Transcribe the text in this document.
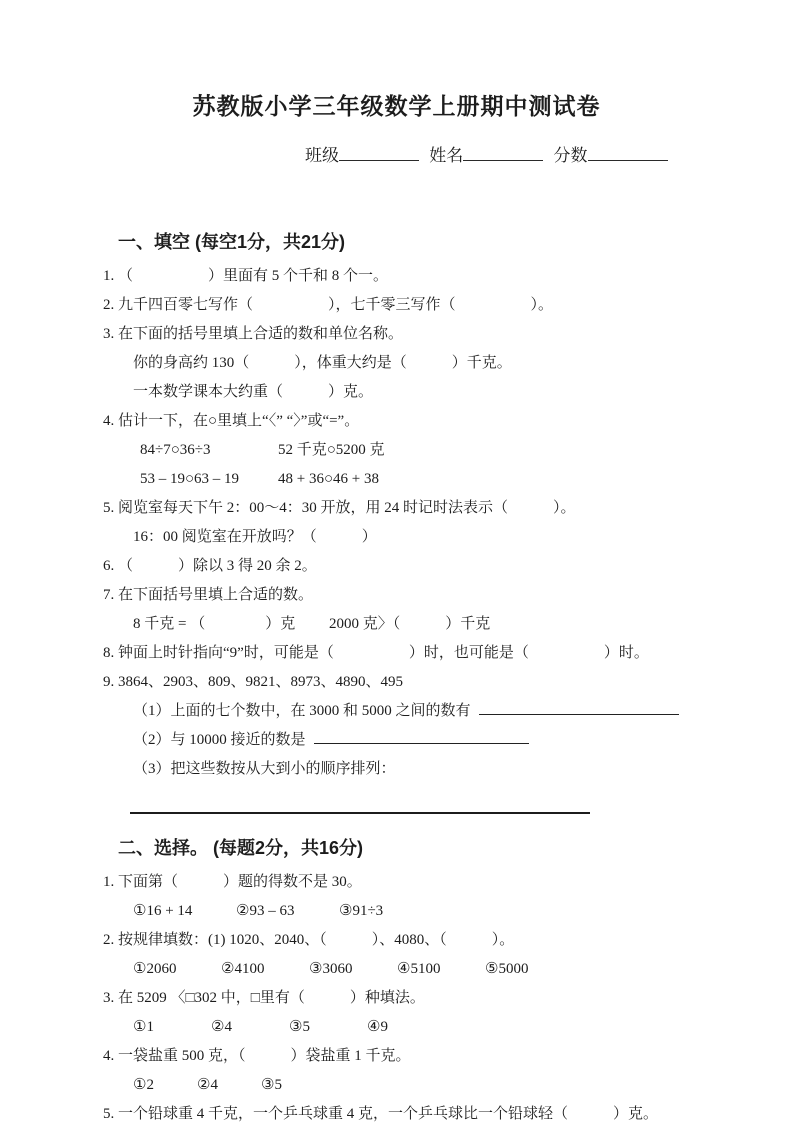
苏教版小学三年级数学上册期中测试卷
班级	姓名	分数
一、填空 (每空1分，共21分)
1. （　　　　　）里面有 5 个千和 8 个一。
2. 九千四百零七写作（　　　　　），七千零三写作（　　　　　）。
3. 在下面的括号里填上合适的数和单位名称。
你的身高约 130（　　　），体重大约是（　　　）千克。
一本数学课本大约重（　　　）克。
4. 估计一下，在○里填上“〈” “〉”或“=”。
84÷7○36÷3	52 千克○5200 克
53 – 19○63 – 19	48 + 36○46 + 38
5. 阅览室每天下午 2：00～4：30 开放，用 24 时记时法表示（　　　）。
16：00 阅览室在开放吗？（　　　）
6. （　　　）除以 3 得 20 余 2。
7. 在下面括号里填上合适的数。
8 千克 = （　　　　）克　　 2000 克〉（　　　）千克
8. 钟面上时针指向“9”时，可能是（　　　　　）时，也可能是（　　　　　）时。
9. 3864、2903、809、9821、8973、4890、495
（1）上面的七个数中，在 3000 和 5000 之间的数有
（2）与 10000 接近的数是
（3）把这些数按从大到小的顺序排列：
二、选择。 (每题2分，共16分)
1. 下面第（　　　）题的得数不是 30。
①16 + 14	②93 – 63	③91÷3
2. 按规律填数：(1) 1020、2040、（　　　）、4080、（　　　）。
①2060	②4100	③3060	④5100	⑤5000
3. 在 5209 〈□302 中，□里有（　　　）种填法。
①1	②4	③5	④9
4. 一袋盐重 500 克，（　　　）袋盐重 1 千克。
①2	②4	③5
5. 一个铅球重 4 千克，一个乒乓球重 4 克，一个乒乓球比一个铅球轻（　　　）克。
